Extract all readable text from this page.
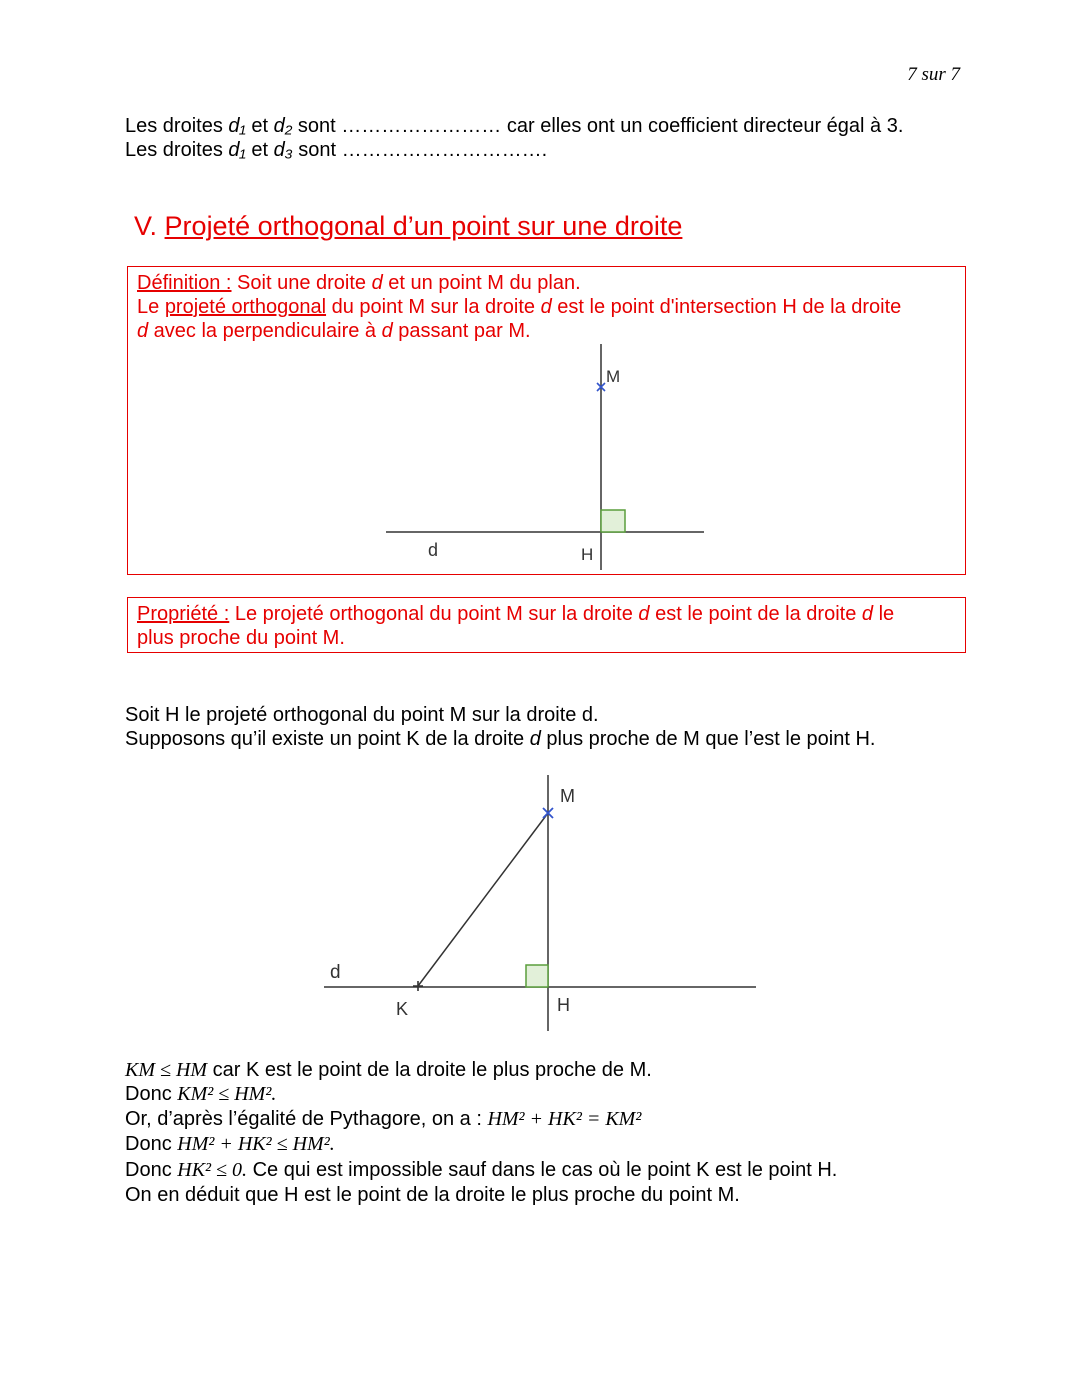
7 sur 7
Les droites d₁ et d₂ sont …………………… car elles ont un coefficient directeur égal à 3.
Les droites d₁ et d₃ sont ………………………….
V. Projeté orthogonal d’un point sur une droite
Définition : Soit une droite d et un point M du plan.
Le projeté orthogonal du point M sur la droite d est le point d'intersection H de la droite
d avec la perpendiculaire à d passant par M.
M
d	H
Propriété : Le projeté orthogonal du point M sur la droite d est le point de la droite d le
plus proche du point M.
Soit H le projeté orthogonal du point M sur la droite d.
Supposons qu’il existe un point K de la droite d plus proche de M que l’est le point H.
M
d
K	H
KM ≤ HM car K est le point de la droite le plus proche de M.
Donc KM² ≤ HM².
Or, d’après l’égalité de Pythagore, on a : HM² + HK² = KM²
Donc HM² + HK² ≤ HM².
Donc HK² ≤ 0. Ce qui est impossible sauf dans le cas où le point K est le point H.
On en déduit que H est le point de la droite le plus proche du point M.
